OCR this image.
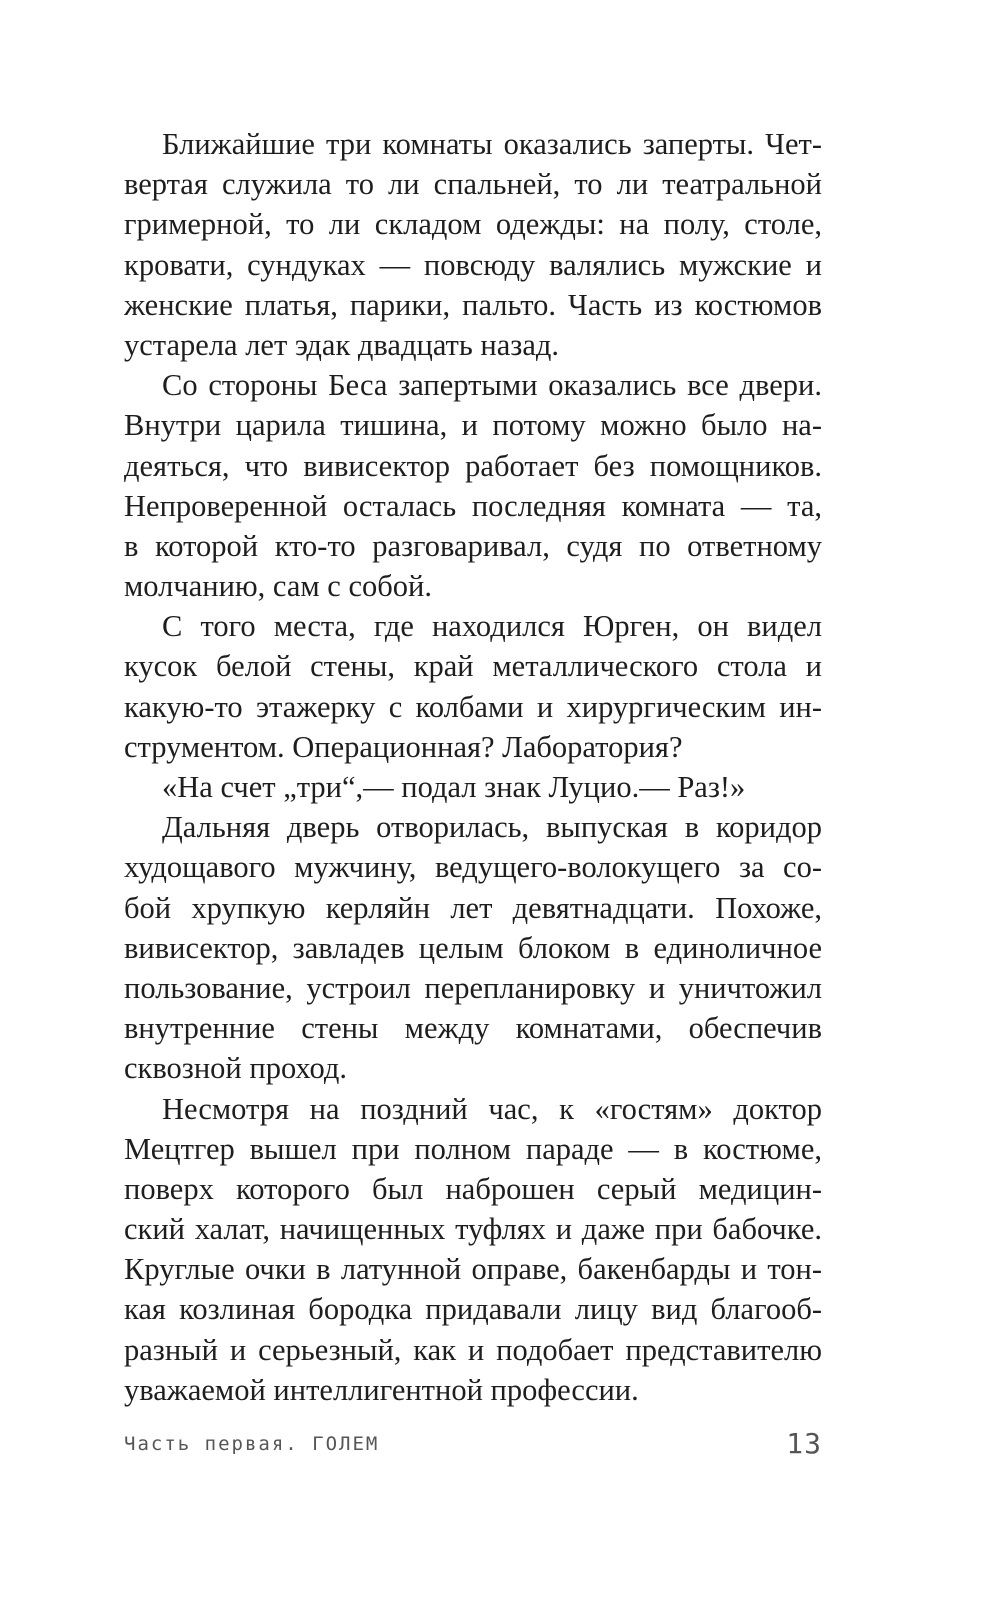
Ближайшие три комнаты оказались заперты. Чет-
вертая служила то ли спальней, то ли театральной
гримерной, то ли складом одежды: на полу, столе,
кровати, сундуках — повсюду валялись мужские и
женские платья, парики, пальто. Часть из костюмов
устарела лет эдак двадцать назад.
Со стороны Беса запертыми оказались все двери.
Внутри царила тишина, и потому можно было на-
деяться, что вивисектор работает без помощников.
Непроверенной осталась последняя комната — та,
в которой кто-то разговаривал, судя по ответному
молчанию, сам с собой.
С того места, где находился Юрген, он видел
кусок белой стены, край металлического стола и
какую-то этажерку с колбами и хирургическим ин-
струментом. Операционная? Лаборатория?
«На счет „три“,— подал знак Луцио.— Раз!»
Дальняя дверь отворилась, выпуская в коридор
худощавого мужчину, ведущего-волокущего за со-
бой хрупкую керляйн лет девятнадцати. Похоже,
вивисектор, завладев целым блоком в единоличное
пользование, устроил перепланировку и уничтожил
внутренние стены между комнатами, обеспечив
сквозной проход.
Несмотря на поздний час, к «гостям» доктор
Мецтгер вышел при полном параде — в костюме,
поверх которого был наброшен серый медицин-
ский халат, начищенных туфлях и даже при бабочке.
Круглые очки в латунной оправе, бакенбарды и тон-
кая козлиная бородка придавали лицу вид благооб-
разный и серьезный, как и подобает представителю
уважаемой интеллигентной профессии.
Часть первая. ГОЛЕМ	13
